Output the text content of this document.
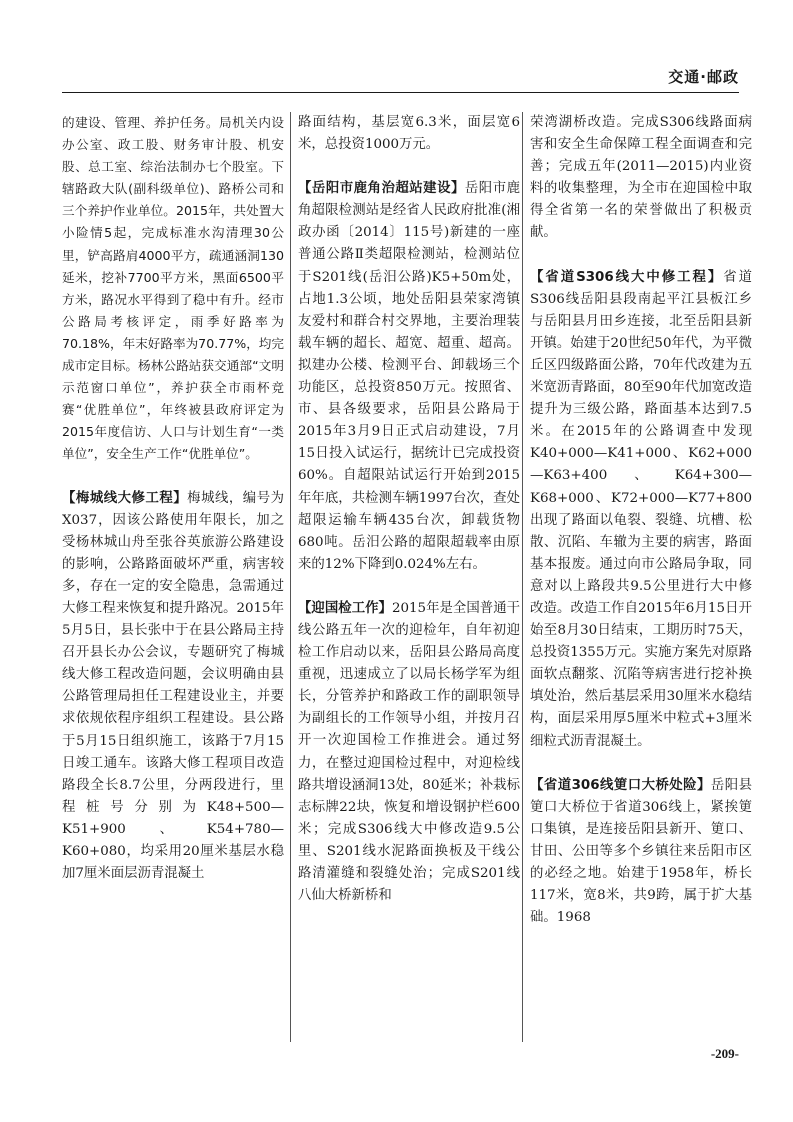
交通·邮政

的建设、管理、养护任务。局机关内设办公室、政工股、财务审计股、机安股、总工室、综治法制办七个股室。下辖路政大队(副科级单位)、路桥公司和三个养护作业单位。2015年，共处置大小险情5起，完成标准水沟清理30公里，铲高路肩4000平方，疏通涵洞130延米，挖补7700平方米，黑面6500平方米，路况水平得到了稳中有升。经市公路局考核评定，雨季好路率为70.18%，年末好路率为70.77%，均完成市定目标。杨林公路站获交通部“文明示范窗口单位”，养护获全市雨杯竞赛“优胜单位”，年终被县政府评定为2015年度信访、人口与计划生育“一类单位”，安全生产工作“优胜单位”。

【梅城线大修工程】梅城线，编号为X037，因该公路使用年限长，加之受杨林城山舟至张谷英旅游公路建设的影响，公路路面破坏严重，病害较多，存在一定的安全隐患，急需通过大修工程来恢复和提升路况。2015年5月5日，县长张中于在县公路局主持召开县长办公会议，专题研究了梅城线大修工程改造问题，会议明确由县公路管理局担任工程建设业主，并要求依规依程序组织工程建设。县公路于5月15日组织施工，该路于7月15日竣工通车。该路大修工程项目改造路段全长8.7公里，分两段进行，里程桩号分别为K48+500—K51+900、K54+780—K60+080，均采用20厘米基层水稳加7厘米面层沥青混凝土

路面结构，基层宽6.3米，面层宽6米，总投资1000万元。

【岳阳市鹿角治超站建设】岳阳市鹿角超限检测站是经省人民政府批准(湘政办函〔2014〕115号)新建的一座普通公路Ⅱ类超限检测站，检测站位于S201线(岳汨公路)K5+50m处，占地1.3公顷，地处岳阳县荣家湾镇友爱村和群合村交界地，主要治理装载车辆的超长、超宽、超重、超高。拟建办公楼、检测平台、卸载场三个功能区，总投资850万元。按照省、市、县各级要求，岳阳县公路局于2015年3月9日正式启动建设，7月15日投入试运行，据统计已完成投资60%。自超限站试运行开始到2015年年底，共检测车辆1997台次，查处超限运输车辆435台次，卸载货物680吨。岳汨公路的超限超载率由原来的12%下降到0.024%左右。

【迎国检工作】2015年是全国普通干线公路五年一次的迎检年，自年初迎检工作启动以来，岳阳县公路局高度重视，迅速成立了以局长杨学军为组长，分管养护和路政工作的副职领导为副组长的工作领导小组，并按月召开一次迎国检工作推进会。通过努力，在整过迎国检过程中，对迎检线路共增设涵洞13处，80延米；补栽标志标牌22块，恢复和增设钢护栏600米；完成S306线大中修改造9.5公里、S201线水泥路面换板及干线公路清灌缝和裂缝处治；完成S201线八仙大桥新桥和

荣湾湖桥改造。完成S306线路面病害和安全生命保障工程全面调查和完善；完成五年(2011—2015)内业资料的收集整理，为全市在迎国检中取得全省第一名的荣誉做出了积极贡献。

【省道S306线大中修工程】省道S306线岳阳县段南起平江县板江乡与岳阳县月田乡连接，北至岳阳县新开镇。始建于20世纪50年代，为平微丘区四级路面公路，70年代改建为五米宽沥青路面，80至90年代加宽改造提升为三级公路，路面基本达到7.5米。在2015年的公路调查中发现K40+000—K41+000、K62+000—K63+400、K64+300—K68+000、K72+000—K77+800出现了路面以龟裂、裂缝、坑槽、松散、沉陷、车辙为主要的病害，路面基本报废。通过向市公路局争取，同意对以上路段共9.5公里进行大中修改造。改造工作自2015年6月15日开始至8月30日结束，工期历时75天，总投资1355万元。实施方案先对原路面软点翻浆、沉陷等病害进行挖补换填处治，然后基层采用30厘米水稳结构，面层采用厚5厘米中粒式+3厘米细粒式沥青混凝土。

【省道306线筻口大桥处险】岳阳县筻口大桥位于省道306线上，紧挨筻口集镇，是连接岳阳县新开、筻口、甘田、公田等多个乡镇往来岳阳市区的必经之地。始建于1958年，桥长117米，宽8米，共9跨，属于扩大基础。1968

-209-
